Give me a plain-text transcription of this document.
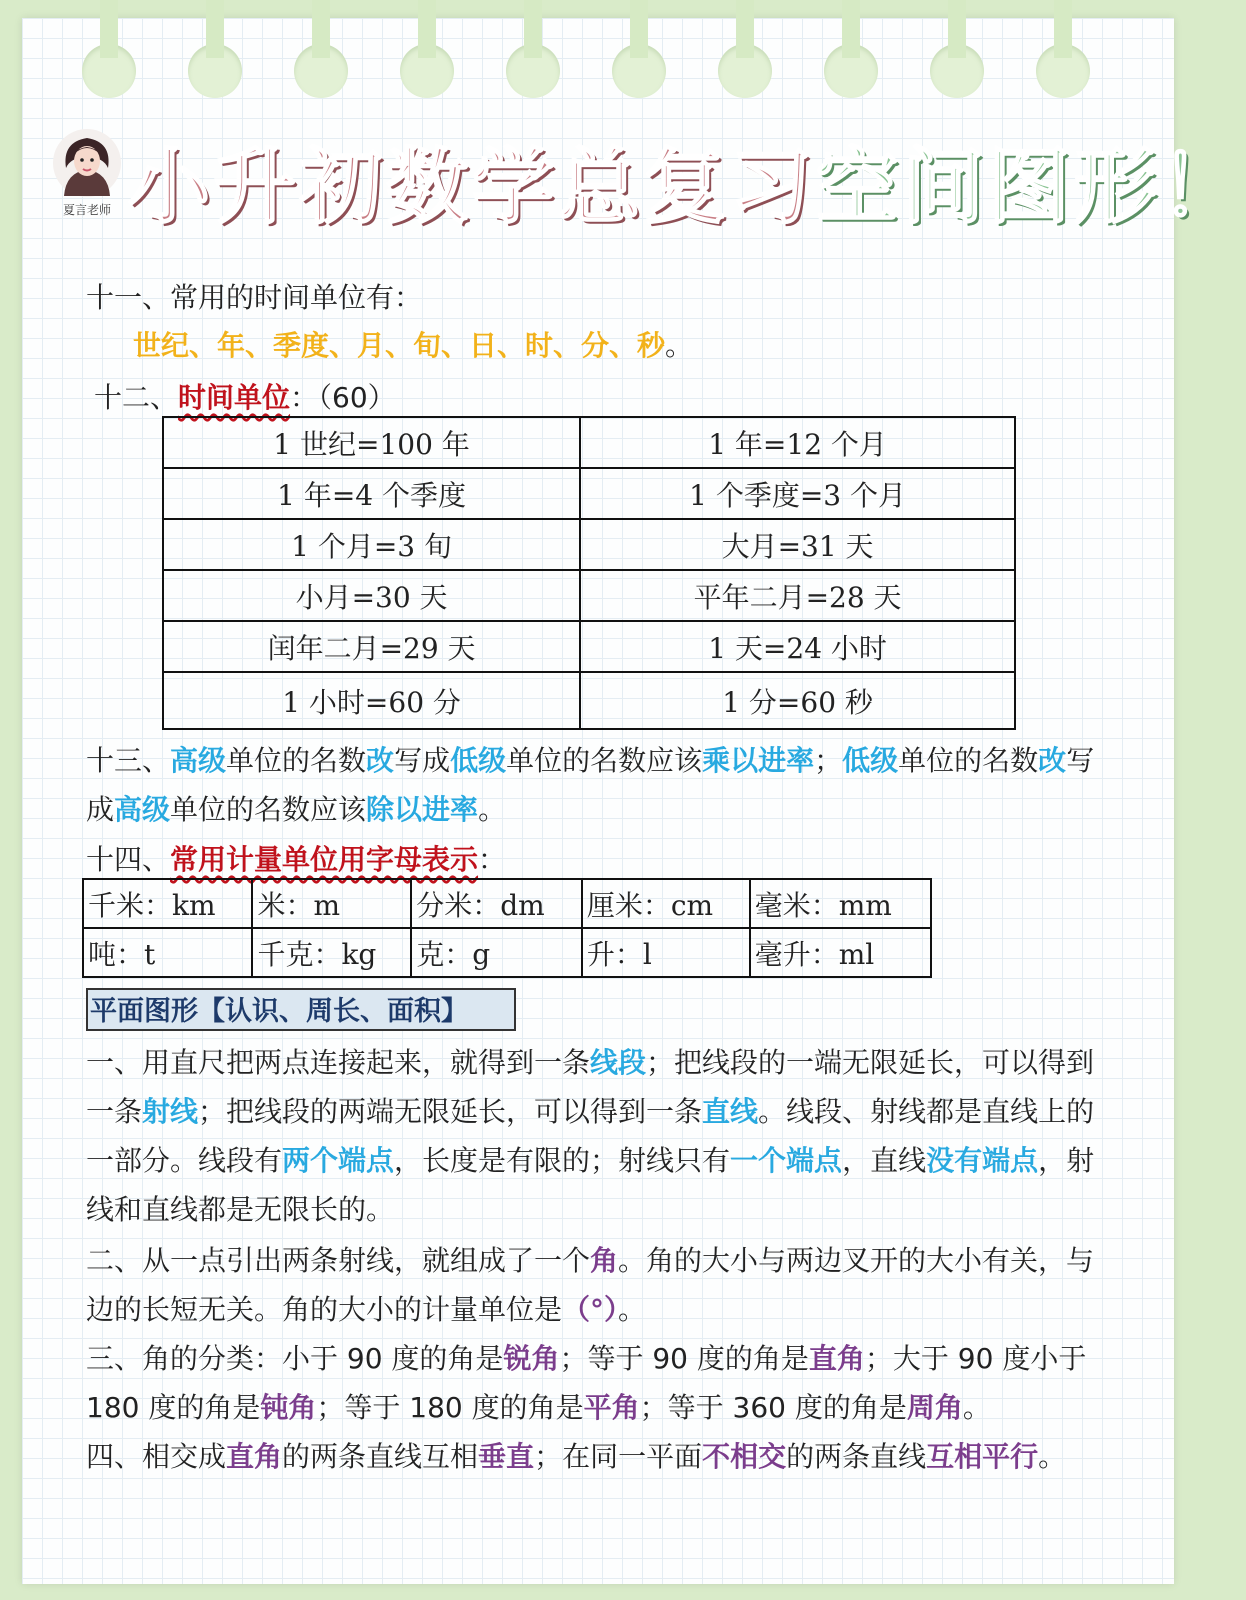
夏言老师 小升初数学总复习空间图形！
十一、常用的时间单位有：
世纪、年、季度、月、旬、日、时、分、秒。
十二、时间单位：（60）
1 世纪=100 年	1 年=12 个月
1 年=4 个季度	1 个季度=3 个月
1 个月=3 旬	大月=31 天
小月=30 天	平年二月=28 天
闰年二月=29 天	1 天=24 小时
1 小时=60 分	1 分=60 秒
十三、高级单位的名数改写成低级单位的名数应该乘以进率；低级单位的名数改写成高级单位的名数应该除以进率。
十四、常用计量单位用字母表示：
千米：km	米：m	分米：dm	厘米：cm	毫米：mm
吨：t	千克：kg	克：g	升：l	毫升：ml
平面图形【认识、周长、面积】
一、用直尺把两点连接起来，就得到一条线段；把线段的一端无限延长，可以得到一条射线；把线段的两端无限延长，可以得到一条直线。线段、射线都是直线上的一部分。线段有两个端点，长度是有限的；射线只有一个端点，直线没有端点，射线和直线都是无限长的。
二、从一点引出两条射线，就组成了一个角。角的大小与两边叉开的大小有关，与边的长短无关。角的大小的计量单位是（°）。
三、角的分类：小于 90 度的角是锐角；等于 90 度的角是直角；大于 90 度小于 180 度的角是钝角；等于 180 度的角是平角；等于 360 度的角是周角。
四、相交成直角的两条直线互相垂直；在同一平面不相交的两条直线互相平行。
